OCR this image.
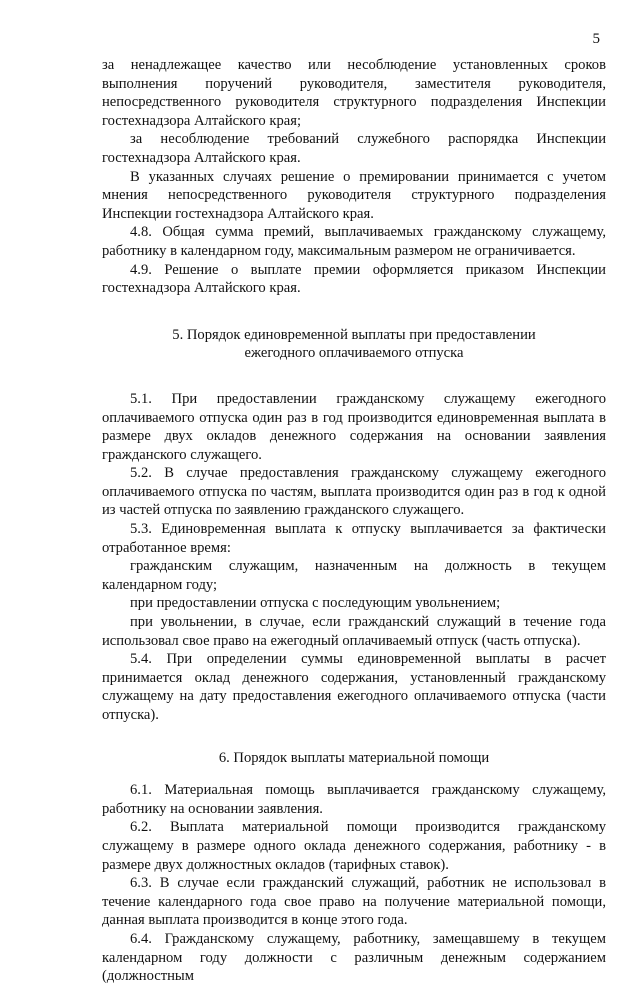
5

за ненадлежащее качество или несоблюдение установленных сроков выполнения поручений руководителя, заместителя руководителя, непосредственного руководителя структурного подразделения Инспекции гостехнадзора Алтайского края;

за несоблюдение требований служебного распорядка Инспекции гостехнадзора Алтайского края.

В указанных случаях решение о премировании принимается с учетом мнения непосредственного руководителя структурного подразделения Инспекции гостехнадзора Алтайского края.

4.8. Общая сумма премий, выплачиваемых гражданскому служащему, работнику в календарном году, максимальным размером не ограничивается.

4.9. Решение о выплате премии оформляется приказом Инспекции гостехнадзора Алтайского края.

5. Порядок единовременной выплаты при предоставлении
ежегодного оплачиваемого отпуска

5.1. При предоставлении гражданскому служащему ежегодного оплачиваемого отпуска один раз в год производится единовременная выплата в размере двух окладов денежного содержания на основании заявления гражданского служащего.

5.2. В случае предоставления гражданскому служащему ежегодного оплачиваемого отпуска по частям, выплата производится один раз в год к одной из частей отпуска по заявлению гражданского служащего.

5.3. Единовременная выплата к отпуску выплачивается за фактически отработанное время:

гражданским служащим, назначенным на должность в текущем календарном году;

при предоставлении отпуска с последующим увольнением;

при увольнении, в случае, если гражданский служащий в течение года использовал свое право на ежегодный оплачиваемый отпуск (часть отпуска).

5.4. При определении суммы единовременной выплаты в расчет принимается оклад денежного содержания, установленный гражданскому служащему на дату предоставления ежегодного оплачиваемого отпуска (части отпуска).

6. Порядок выплаты материальной помощи

6.1. Материальная помощь выплачивается гражданскому служащему, работнику на основании заявления.

6.2. Выплата материальной помощи производится гражданскому служащему в размере одного оклада денежного содержания, работнику - в размере двух должностных окладов (тарифных ставок).

6.3. В случае если гражданский служащий, работник не использовал в течение календарного года свое право на получение материальной помощи, данная выплата производится в конце этого года.

6.4. Гражданскому служащему, работнику, замещавшему в текущем календарном году должности с различным денежным содержанием (должностным
